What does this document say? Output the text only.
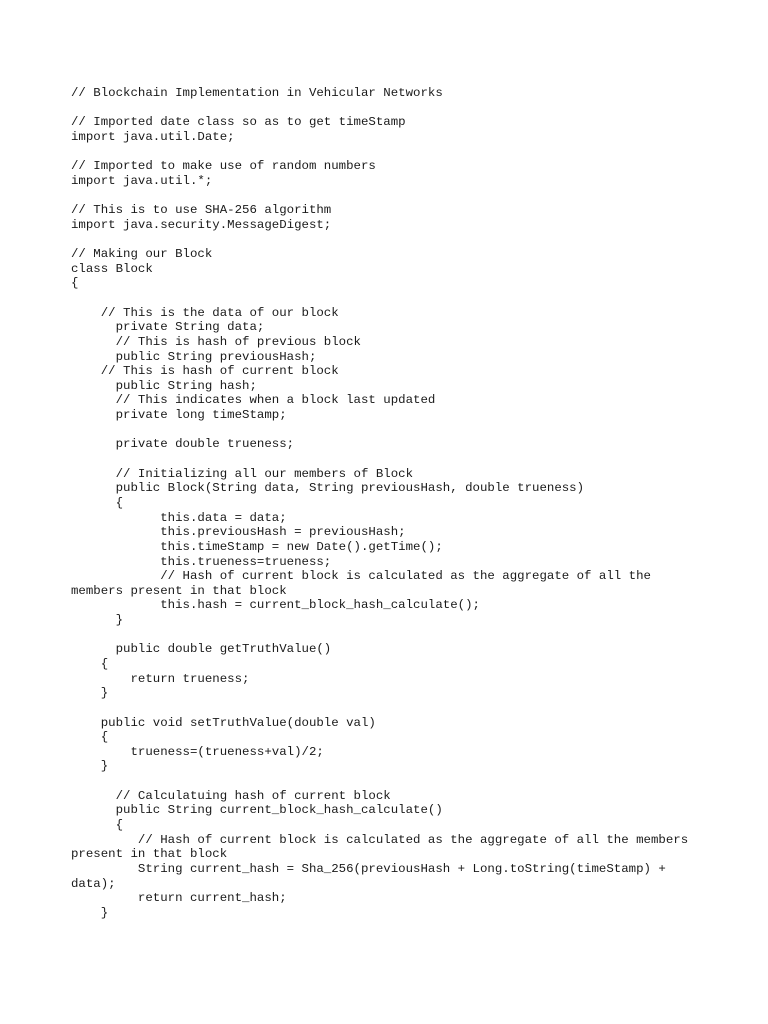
// Blockchain Implementation in Vehicular Networks
// Imported date class so as to get timeStamp
import java.util.Date;
// Imported to make use of random numbers
import java.util.*;
// This is to use SHA-256 algorithm
import java.security.MessageDigest;
// Making our Block
class Block
{
// This is the data of our block
private String data;
// This is hash of previous block
public String previousHash;
// This is hash of current block
public String hash;
// This indicates when a block last updated
private long timeStamp;
private double trueness;
// Initializing all our members of Block
public Block(String data, String previousHash, double trueness)
{
this.data = data;
this.previousHash = previousHash;
this.timeStamp = new Date().getTime();
this.trueness=trueness;
// Hash of current block is calculated as the aggregate of all the
members present in that block
this.hash = current_block_hash_calculate();
}
public double getTruthValue()
{
return trueness;
}
public void setTruthValue(double val)
{
trueness=(trueness+val)/2;
}
// Calculatuing hash of current block
public String current_block_hash_calculate()
{
// Hash of current block is calculated as the aggregate of all the members
present in that block
String current_hash = Sha_256(previousHash + Long.toString(timeStamp) +
data);
return current_hash;
}
